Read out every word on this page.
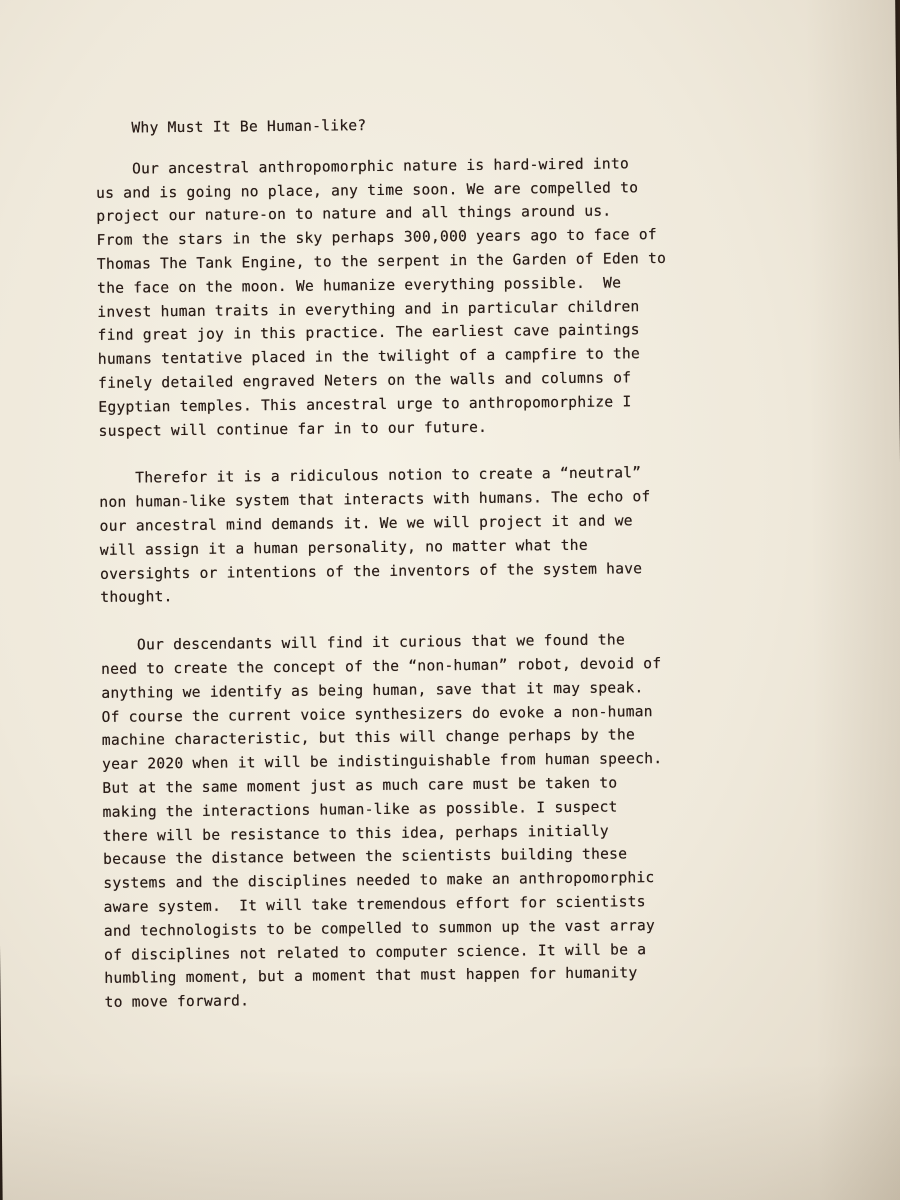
Why Must It Be Human-like?
Our ancestral anthropomorphic nature is hard-wired into
us and is going no place, any time soon. We are compelled to
project our nature-on to nature and all things around us.
From the stars in the sky perhaps 300,000 years ago to face of
Thomas The Tank Engine, to the serpent in the Garden of Eden to
the face on the moon. We humanize everything possible.  We
invest human traits in everything and in particular children
find great joy in this practice. The earliest cave paintings
humans tentative placed in the twilight of a campfire to the
finely detailed engraved Neters on the walls and columns of
Egyptian temples. This ancestral urge to anthropomorphize I
suspect will continue far in to our future.
Therefor it is a ridiculous notion to create a “neutral”
non human-like system that interacts with humans. The echo of
our ancestral mind demands it. We we will project it and we
will assign it a human personality, no matter what the
oversights or intentions of the inventors of the system have
thought.
Our descendants will find it curious that we found the
need to create the concept of the “non-human” robot, devoid of
anything we identify as being human, save that it may speak.
Of course the current voice synthesizers do evoke a non-human
machine characteristic, but this will change perhaps by the
year 2020 when it will be indistinguishable from human speech.
But at the same moment just as much care must be taken to
making the interactions human-like as possible. I suspect
there will be resistance to this idea, perhaps initially
because the distance between the scientists building these
systems and the disciplines needed to make an anthropomorphic
aware system.  It will take tremendous effort for scientists
and technologists to be compelled to summon up the vast array
of disciplines not related to computer science. It will be a
humbling moment, but a moment that must happen for humanity
to move forward.
